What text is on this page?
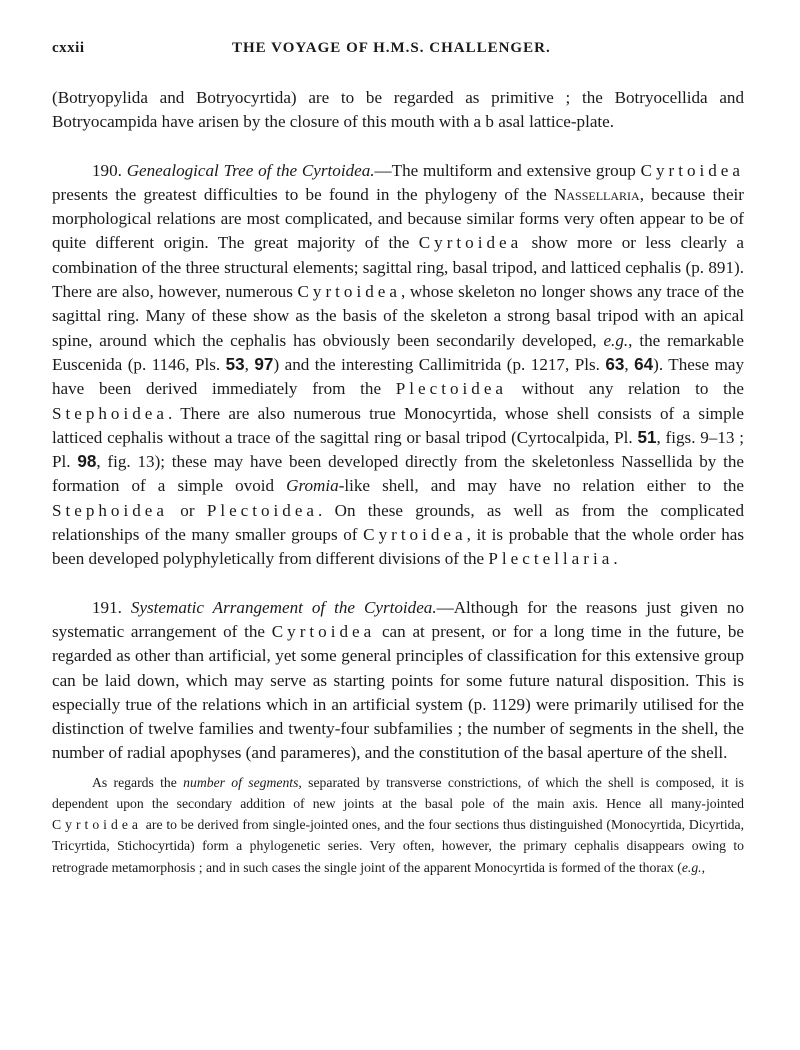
cxxii	THE VOYAGE OF H.M.S. CHALLENGER.

(Botryopylida and Botryocyrtida) are to be regarded as primitive ; the Botryocellida and Botryocampida have arisen by the closure of this mouth with a b asal lattice-plate.

190. Genealogical Tree of the Cyrtoidea.—The multiform and extensive group Cyrtoidea presents the greatest difficulties to be found in the phylogeny of the Nassellaria, because their morphological relations are most complicated, and because similar forms very often appear to be of quite different origin. The great majority of the Cyrtoidea show more or less clearly a combination of the three structural elements; sagittal ring, basal tripod, and latticed cephalis (p. 891). There are also, however, numerous Cyrtoidea, whose skeleton no longer shows any trace of the sagittal ring. Many of these show as the basis of the skeleton a strong basal tripod with an apical spine, around which the cephalis has obviously been secondarily developed, e.g., the remarkable Euscenida (p. 1146, Pls. 53, 97) and the interesting Callimitrida (p. 1217, Pls. 63, 64). These may have been derived immediately from the Plectoidea without any relation to the Stephoidea. There are also numerous true Monocyrtida, whose shell consists of a simple latticed cephalis without a trace of the sagittal ring or basal tripod (Cyrtocalpida, Pl. 51, figs. 9–13 ; Pl. 98, fig. 13); these may have been developed directly from the skeletonless Nassellida by the formation of a simple ovoid Gromia-like shell, and may have no relation either to the Stephoidea or Plectoidea. On these grounds, as well as from the complicated relationships of the many smaller groups of Cyrtoidea, it is probable that the whole order has been developed polyphyletically from different divisions of the Plectellaria.

191. Systematic Arrangement of the Cyrtoidea.—Although for the reasons just given no systematic arrangement of the Cyrtoidea can at present, or for a long time in the future, be regarded as other than artificial, yet some general principles of classification for this extensive group can be laid down, which may serve as starting points for some future natural disposition. This is especially true of the relations which in an artificial system (p. 1129) were primarily utilised for the distinction of twelve families and twenty-four subfamilies ; the number of segments in the shell, the number of radial apophyses (and parameres), and the constitution of the basal aperture of the shell.

As regards the number of segments, separated by transverse constrictions, of which the shell is composed, it is dependent upon the secondary addition of new joints at the basal pole of the main axis. Hence all many-jointed Cyrtoidea are to be derived from single-jointed ones, and the four sections thus distinguished (Monocyrtida, Dicyrtida, Tricyrtida, Stichocyrtida) form a phylogenetic series. Very often, however, the primary cephalis disappears owing to retrograde metamorphosis ; and in such cases the single joint of the apparent Monocyrtida is formed of the thorax (e.g.,
